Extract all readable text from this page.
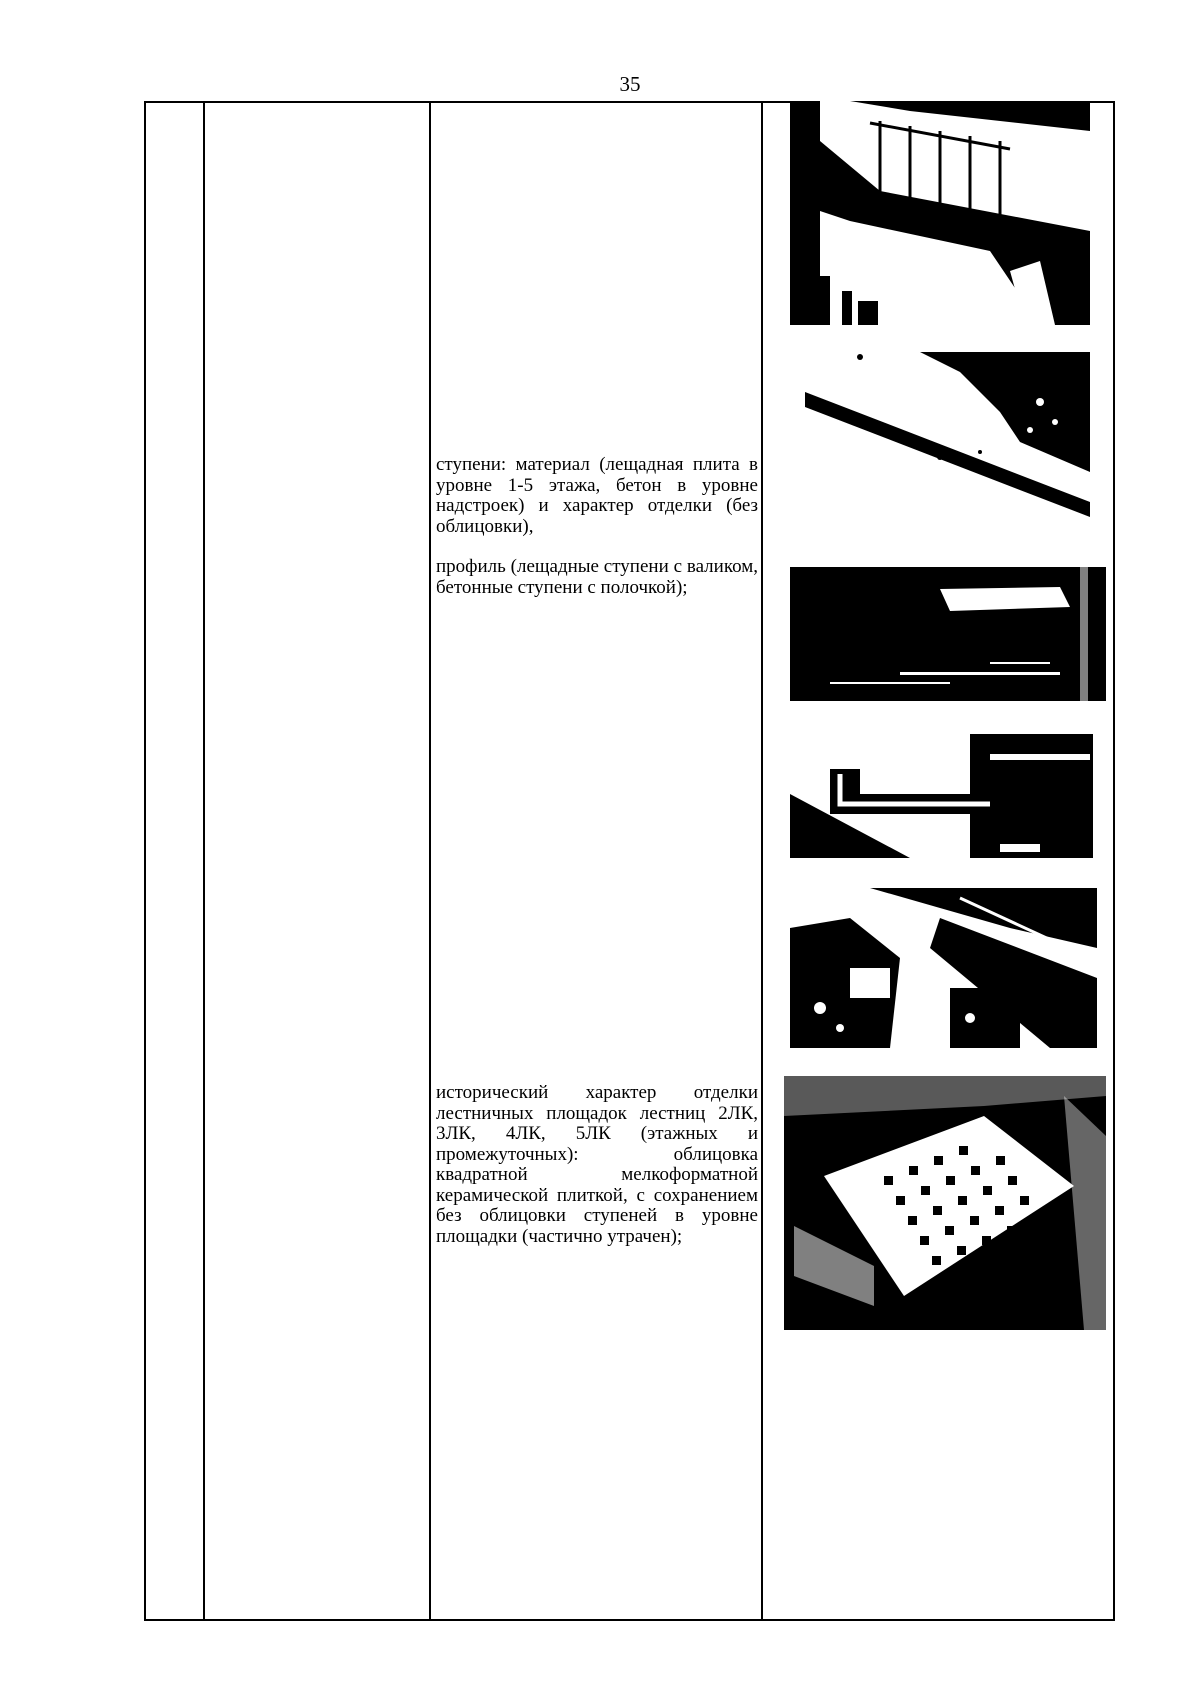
35

ступени: материал (лещадная плита в уровне 1-5 этажа, бетон в уровне надстроек) и характер отделки (без облицовки),

профиль (лещадные ступени с валиком, бетонные ступени с полочкой);

исторический характер отделки лестничных площадок лестниц 2ЛК, 3ЛК, 4ЛК, 5ЛК (этажных и промежуточных): облицовка квадратной мелкоформатной керамической плиткой, с сохранением без облицовки ступеней в уровне площадки (частично утрачен);
